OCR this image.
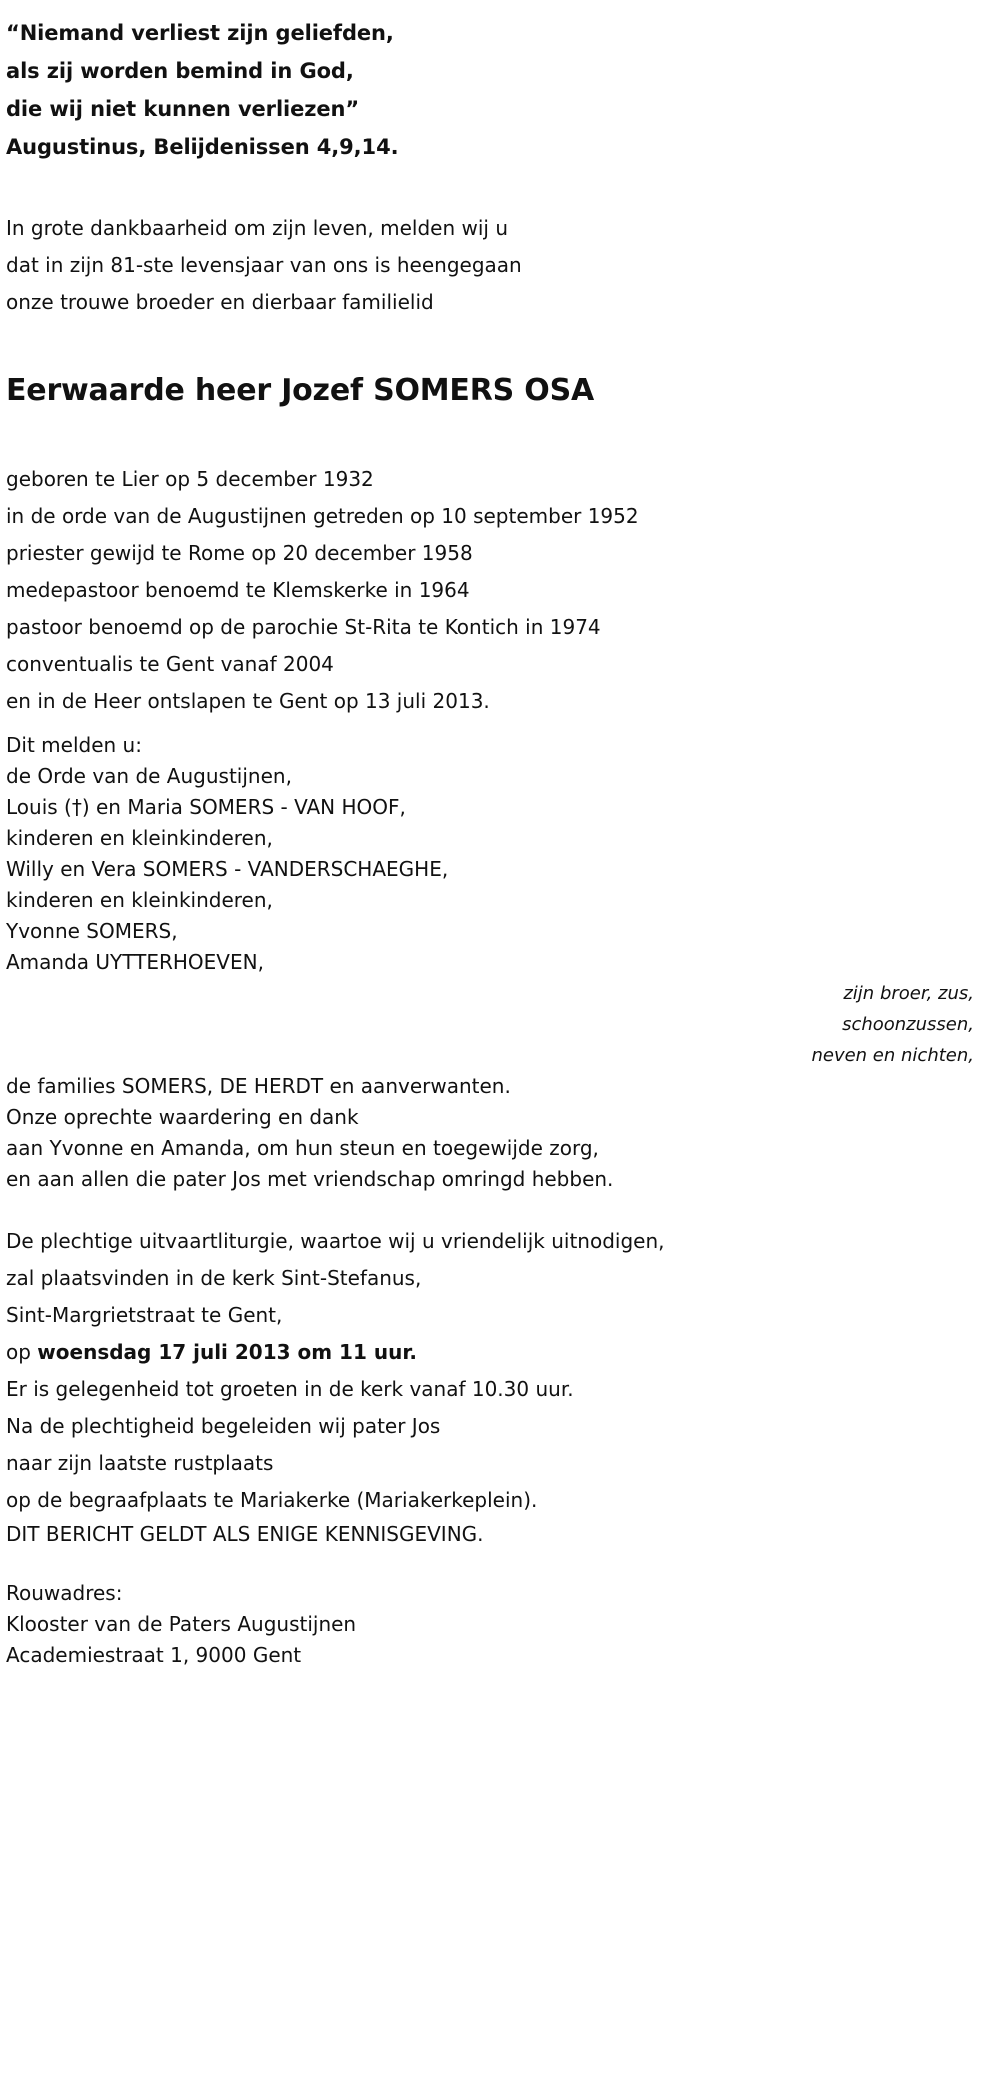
“Niemand verliest zijn geliefden,
als zij worden bemind in God,
die wij niet kunnen verliezen”
Augustinus, Belijdenissen 4,9,14.
In grote dankbaarheid om zijn leven, melden wij u
dat in zijn 81-ste levensjaar van ons is heengegaan
onze trouwe broeder en dierbaar familielid
Eerwaarde heer Jozef SOMERS OSA
geboren te Lier op 5 december 1932
in de orde van de Augustijnen getreden op 10 september 1952
priester gewijd te Rome op 20 december 1958
medepastoor benoemd te Klemskerke in 1964
pastoor benoemd op de parochie St-Rita te Kontich in 1974
conventualis te Gent vanaf 2004
en in de Heer ontslapen te Gent op 13 juli 2013.
Dit melden u:
de Orde van de Augustijnen,
Louis (†) en Maria SOMERS - VAN HOOF,
kinderen en kleinkinderen,
Willy en Vera SOMERS - VANDERSCHAEGHE,
kinderen en kleinkinderen,
Yvonne SOMERS,
Amanda UYTTERHOEVEN,
zijn broer, zus,
schoonzussen,
neven en nichten,
de families SOMERS, DE HERDT en aanverwanten.
Onze oprechte waardering en dank
aan Yvonne en Amanda, om hun steun en toegewijde zorg,
en aan allen die pater Jos met vriendschap omringd hebben.
De plechtige uitvaartliturgie, waartoe wij u vriendelijk uitnodigen,
zal plaatsvinden in de kerk Sint-Stefanus,
Sint-Margrietstraat te Gent,
op woensdag 17 juli 2013 om 11 uur.
Er is gelegenheid tot groeten in de kerk vanaf 10.30 uur.
Na de plechtigheid begeleiden wij pater Jos
naar zijn laatste rustplaats
op de begraafplaats te Mariakerke (Mariakerkeplein).
DIT BERICHT GELDT ALS ENIGE KENNISGEVING.
Rouwadres:
Klooster van de Paters Augustijnen
Academiestraat 1, 9000 Gent
